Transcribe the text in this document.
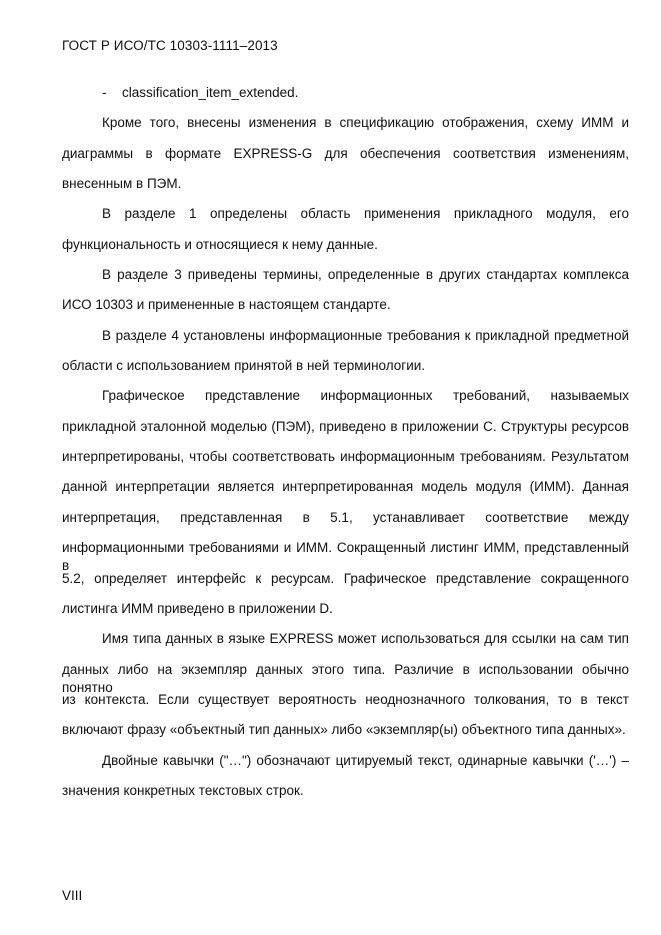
ГОСТ Р ИСО/ТС 10303-1111–2013
- classification_item_extended.
Кроме того, внесены изменения в спецификацию отображения, схему ИММ и
диаграммы в формате EXPRESS-G для обеспечения соответствия изменениям,
внесенным в ПЭМ.
В разделе 1 определены область применения прикладного модуля, его
функциональность и относящиеся к нему данные.
В разделе 3 приведены термины, определенные в других стандартах комплекса
ИСО 10303 и примененные в настоящем стандарте.
В разделе 4 установлены информационные требования к прикладной предметной
области с использованием принятой в ней терминологии.
Графическое представление информационных требований, называемых
прикладной эталонной моделью (ПЭМ), приведено в приложении С. Структуры ресурсов
интерпретированы, чтобы соответствовать информационным требованиям. Результатом
данной интерпретации является интерпретированная модель модуля (ИММ). Данная
интерпретация, представленная в 5.1, устанавливает соответствие между
информационными требованиями и ИММ. Сокращенный листинг ИММ, представленный в
5.2, определяет интерфейс к ресурсам. Графическое представление сокращенного
листинга ИММ приведено в приложении D.
Имя типа данных в языке EXPRESS может использоваться для ссылки на сам тип
данных либо на экземпляр данных этого типа. Различие в использовании обычно понятно
из контекста. Если существует вероятность неоднозначного толкования, то в текст
включают фразу «объектный тип данных» либо «экземпляр(ы) объектного типа данных».
Двойные кавычки ("…") обозначают цитируемый текст, одинарные кавычки ('…') –
значения конкретных текстовых строк.
VIII
